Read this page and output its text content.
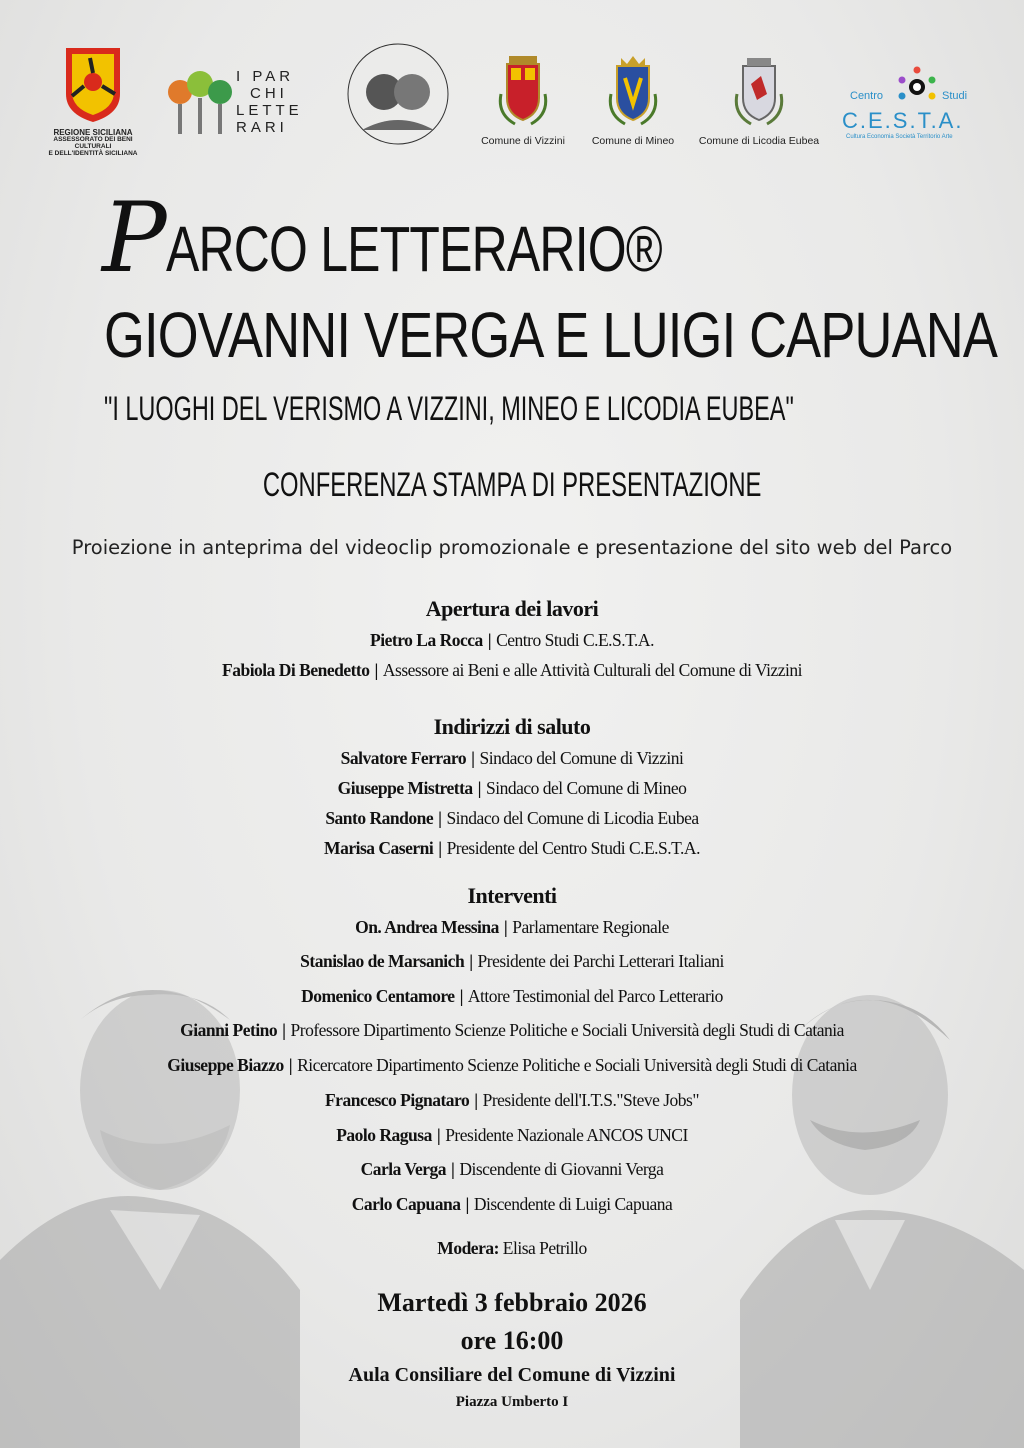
REGIONE SICILIANA
ASSESSORATO DEI BENI CULTURALI
E DELL'IDENTITÀ SICILIANA
I PAR
CHI
LETTE
RARI
Comune di Vizzini	Comune di Mineo	Comune di Licodia Eubea
Centro	Studi
C.E.S.T.A.
Cultura Economia Società Territorio Arte
PARCO LETTERARIO®
GIOVANNI VERGA E LUIGI CAPUANA
"I LUOGHI DEL VERISMO A VIZZINI, MINEO E LICODIA EUBEA"
CONFERENZA STAMPA DI PRESENTAZIONE
Proiezione in anteprima del videoclip promozionale e presentazione del sito web del Parco
Apertura dei lavori
Pietro La Rocca | Centro Studi C.E.S.T.A.
Fabiola Di Benedetto | Assessore ai Beni e alle Attività Culturali del Comune di Vizzini
Indirizzi di saluto
Salvatore Ferraro | Sindaco del Comune di Vizzini
Giuseppe Mistretta | Sindaco del Comune di Mineo
Santo Randone | Sindaco del Comune di Licodia Eubea
Marisa Caserni | Presidente del Centro Studi C.E.S.T.A.
Interventi
On. Andrea Messina | Parlamentare Regionale
Stanislao de Marsanich | Presidente dei Parchi Letterari Italiani
Domenico Centamore | Attore Testimonial del Parco Letterario
Gianni Petino | Professore Dipartimento Scienze Politiche e Sociali Università degli Studi di Catania
Giuseppe Biazzo | Ricercatore Dipartimento Scienze Politiche e Sociali Università degli Studi di Catania
Francesco Pignataro | Presidente dell'I.T.S."Steve Jobs"
Paolo Ragusa | Presidente Nazionale ANCOS UNCI
Carla Verga | Discendente di Giovanni Verga
Carlo Capuana | Discendente di Luigi Capuana
Modera: Elisa Petrillo
Martedì 3 febbraio 2026
ore 16:00
Aula Consiliare del Comune di Vizzini
Piazza Umberto I
